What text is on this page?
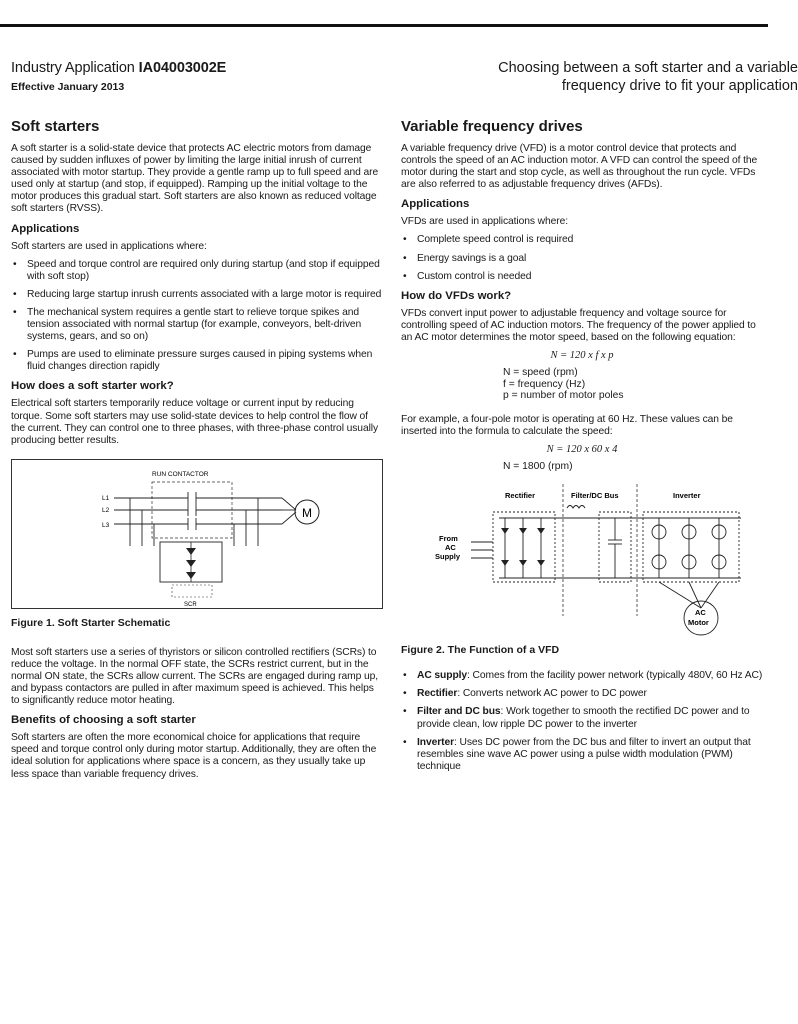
Industry Application IA04003002E
Effective January 2013
Choosing between a soft starter and a variable
frequency drive to fit your application
Soft starters

A soft starter is a solid-state device that protects AC electric motors from damage caused by sudden influxes of power by limiting the large initial inrush of current associated with motor startup. They provide a gentle ramp up to full speed and are used only at startup (and stop, if equipped). Ramping up the initial voltage to the motor produces this gradual start. Soft starters are also known as reduced voltage soft starters (RVSS).

Applications

Soft starters are used in applications where:

• Speed and torque control are required only during startup (and stop if equipped with soft stop)
• Reducing large startup inrush currents associated with a large motor is required
• The mechanical system requires a gentle start to relieve torque spikes and tension associated with normal startup (for example, conveyors, belt-driven systems, gears, and so on)
• Pumps are used to eliminate pressure surges caused in piping systems when fluid changes direction rapidly
How does a soft starter work?

Electrical soft starters temporarily reduce voltage or current input by reducing torque. Some soft starters may use solid-state devices to help control the flow of the current. They can control one to three phases, with three-phase control usually producing better results.

RUN CONTACTOR
L1
L2
L3
SCR
M
Figure 1. Soft Starter Schematic

Most soft starters use a series of thyristors or silicon controlled rectifiers (SCRs) to reduce the voltage. In the normal OFF state, the SCRs restrict current, but in the normal ON state, the SCRs allow current. The SCRs are engaged during ramp up, and bypass contactors are pulled in after maximum speed is achieved. This helps to significantly reduce motor heating.

Benefits of choosing a soft starter

Soft starters are often the more economical choice for applications that require speed and torque control only during motor startup. Additionally, they are often the ideal solution for applications where space is a concern, as they usually take up less space than variable frequency drives.

Variable frequency drives

A variable frequency drive (VFD) is a motor control device that protects and controls the speed of an AC induction motor. A VFD can control the speed of the motor during the start and stop cycle, as well as throughout the run cycle. VFDs are also referred to as adjustable frequency drives (AFDs).

Applications

VFDs are used in applications where:

• Complete speed control is required
• Energy savings is a goal
• Custom control is needed
How do VFDs work?

VFDs convert input power to adjustable frequency and voltage source for controlling speed of AC induction motors. The frequency of the power applied to an AC motor determines the motor speed, based on the following equation:

N = 120 x f x p
N = speed (rpm)
f = frequency (Hz)
p = number of motor poles

For example, a four-pole motor is operating at 60 Hz. These values can be inserted into the formula to calculate the speed:

N = 120 x 60 x 4
N = 1800 (rpm)
Rectifier	Filter/DC Bus	Inverter
From
AC
Supply
AC
Motor
Figure 2. The Function of a VFD
• AC supply: Comes from the facility power network (typically 480V, 60 Hz AC)
• Rectifier: Converts network AC power to DC power
• Filter and DC bus: Work together to smooth the rectified DC power and to provide clean, low ripple DC power to the inverter
• Inverter: Uses DC power from the DC bus and filter to invert an output that resembles sine wave AC power using a pulse width modulation (PWM) technique
